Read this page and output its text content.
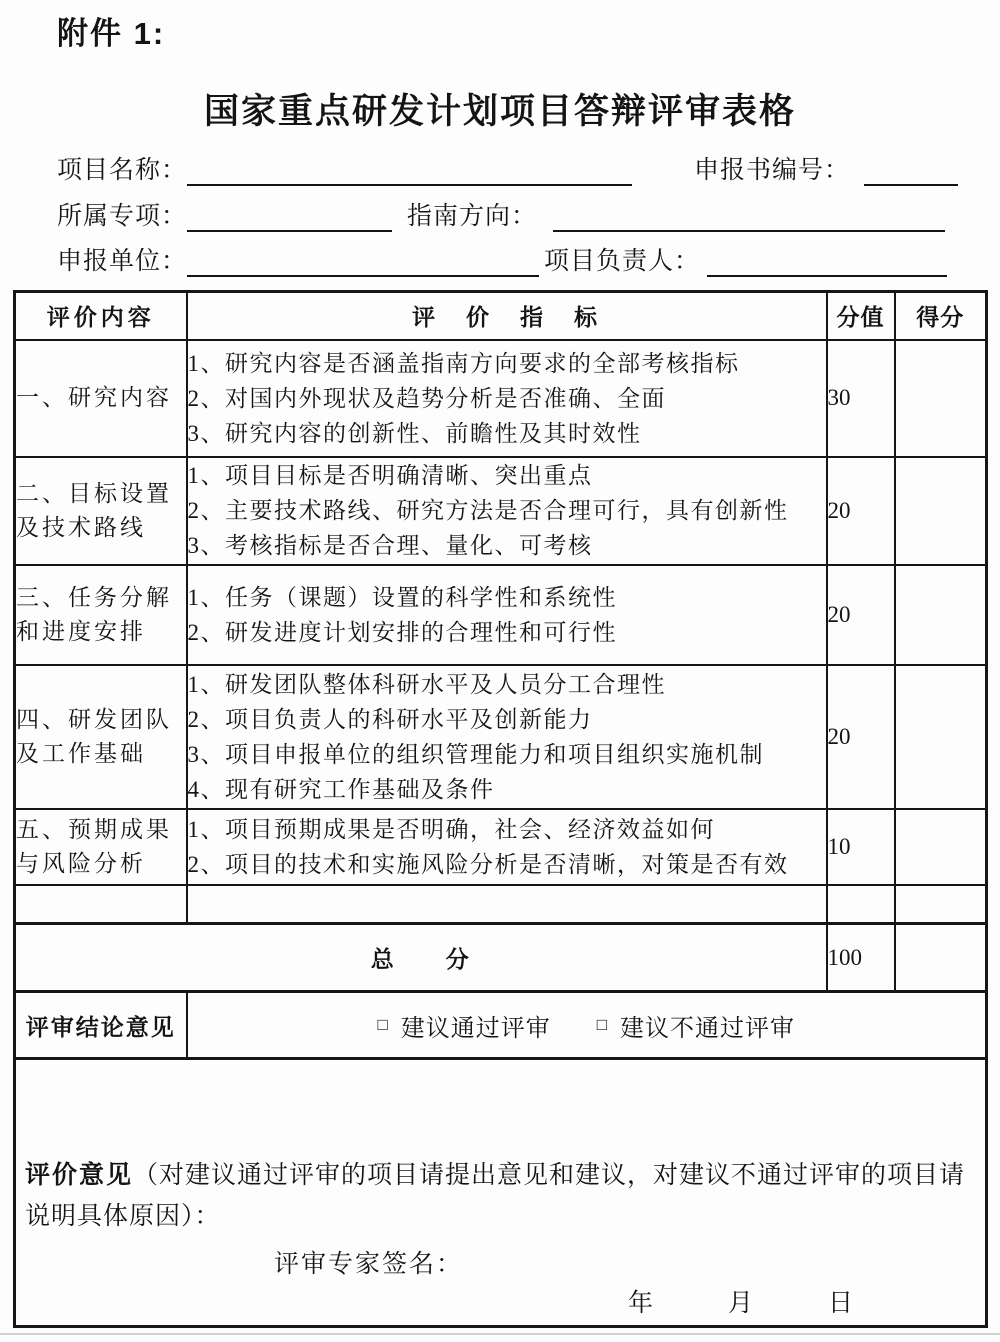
附件 1:
国家重点研发计划项目答辩评审表格
项目名称：	申报书编号：
所属专项：	指南方向：
申报单位：	项目负责人：
评价内容	评　价　指　标	分值	得分
一、研究内容	1、研究内容是否涵盖指南方向要求的全部考核指标
2、对国内外现状及趋势分析是否准确、全面
3、研究内容的创新性、前瞻性及其时效性	30	
二、目标设置及技术路线	1、项目目标是否明确清晰、突出重点
2、主要技术路线、研究方法是否合理可行，具有创新性
3、考核指标是否合理、量化、可考核	20	
三、任务分解和进度安排	1、任务（课题）设置的科学性和系统性
2、研发进度计划安排的合理性和可行性	20	
四、研发团队及工作基础	1、研发团队整体科研水平及人员分工合理性
2、项目负责人的科研水平及创新能力
3、项目申报单位的组织管理能力和项目组织实施机制
4、现有研究工作基础及条件	20	
五、预期成果与风险分析	1、项目预期成果是否明确，社会、经济效益如何
2、项目的技术和实施风险分析是否清晰，对策是否有效	10	

总　　分		100	
评审结论意见	□ 建议通过评审 □ 建议不通过评审		

评价意见（对建议通过评审的项目请提出意见和建议，对建议不通过评审的项目请说明具体原因）：
评审专家签名：
年　　　月　　　日			
